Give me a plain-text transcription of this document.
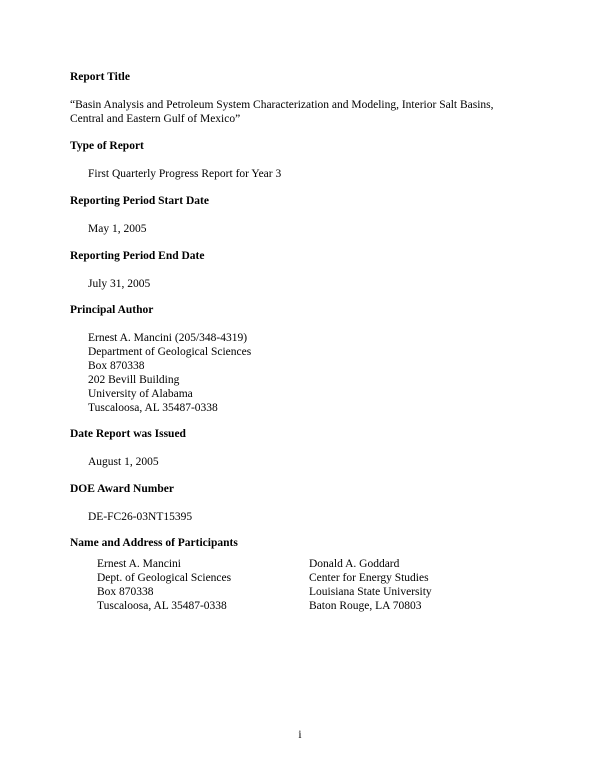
Report Title
“Basin Analysis and Petroleum System Characterization and Modeling, Interior Salt Basins, Central and Eastern Gulf of Mexico”
Type of Report
First Quarterly Progress Report for Year 3
Reporting Period Start Date
May 1, 2005
Reporting Period End Date
July 31, 2005
Principal Author
Ernest A. Mancini (205/348-4319)
Department of Geological Sciences
Box 870338
202 Bevill Building
University of Alabama
Tuscaloosa, AL 35487-0338
Date Report was Issued
August 1, 2005
DOE Award Number
DE-FC26-03NT15395
Name and Address of Participants
Ernest A. Mancini
Dept. of Geological Sciences
Box 870338
Tuscaloosa, AL 35487-0338
Donald A. Goddard
Center for Energy Studies
Louisiana State University
Baton Rouge, LA 70803
i
